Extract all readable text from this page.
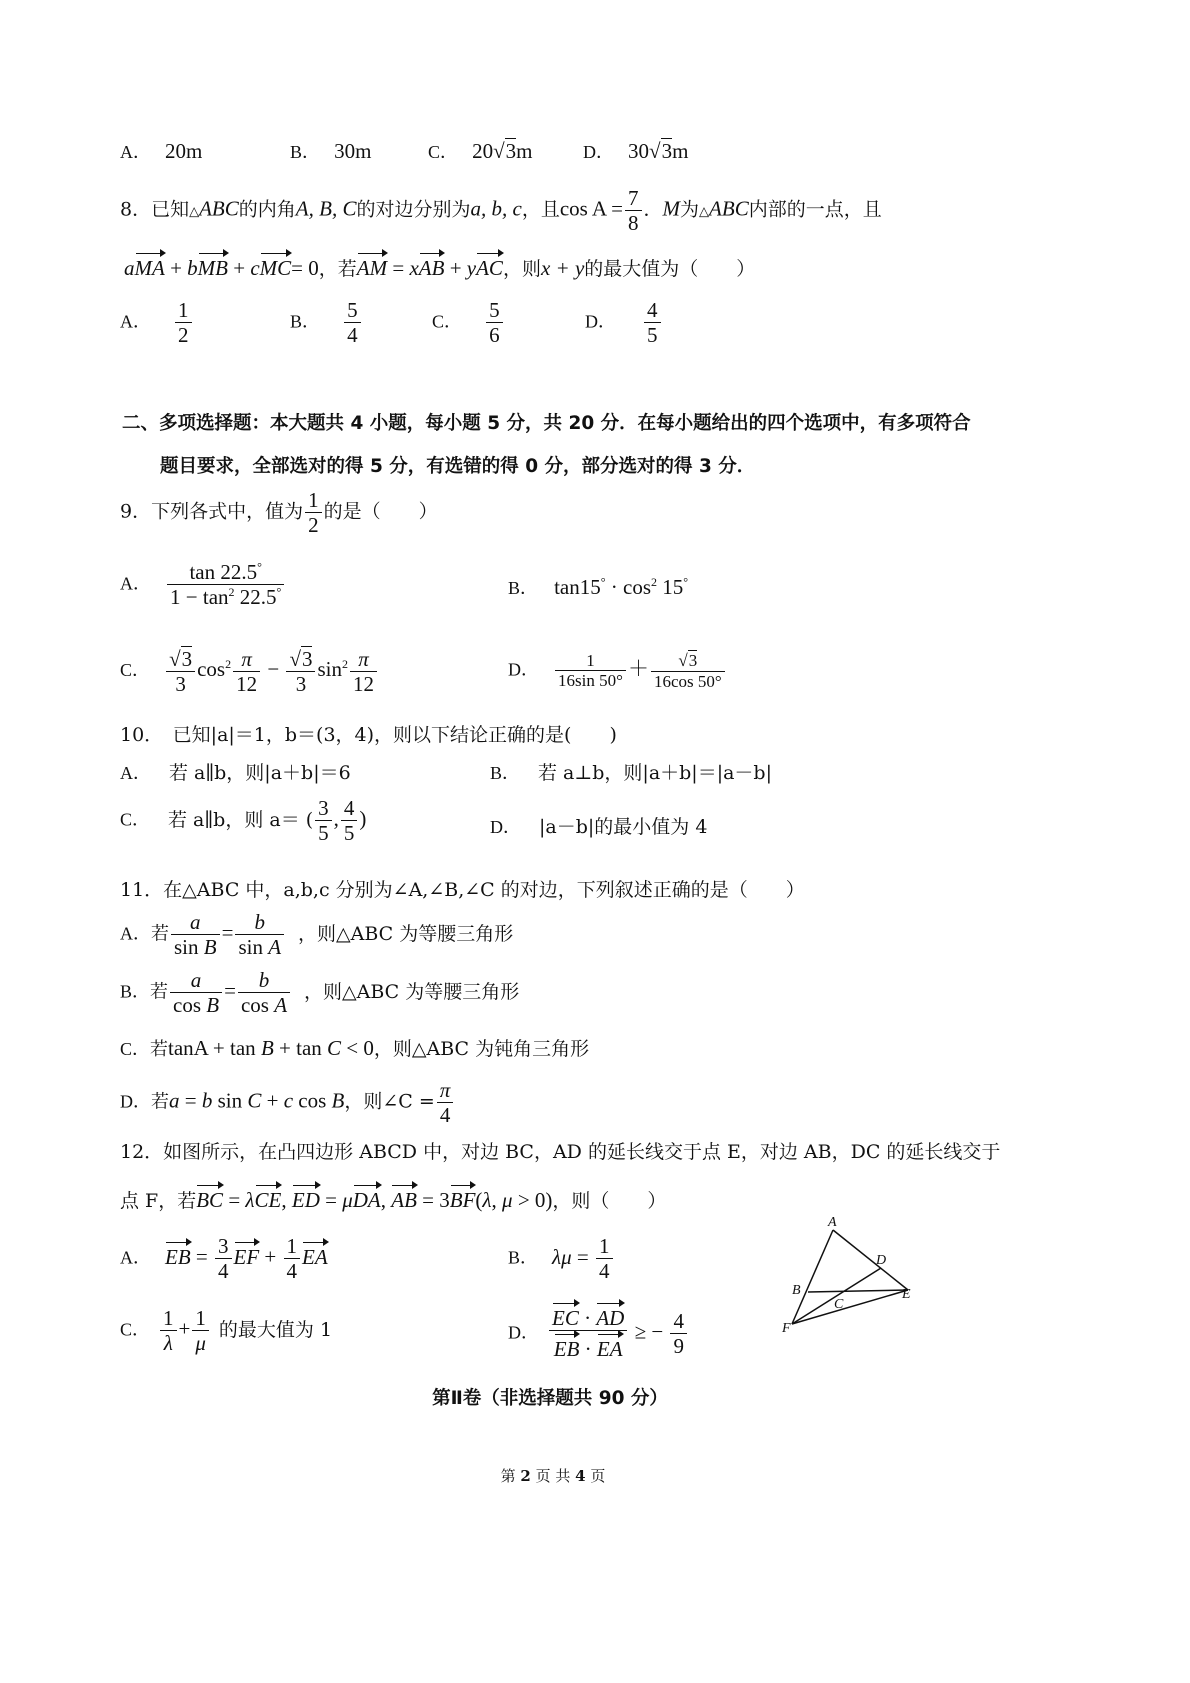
A． 20m	B． 30m	C． 20√3m	D． 30√3m
8．已知△ABC的内角A, B, C的对边分别为a, b, c，且$\cos A = \frac{7}{8}$ ．M为△ABC内部的一点，且
aMA + bMB + cMC= 0，若AM = xAB + yAC，则x + y的最大值为（　　）
A． $\frac{1}{2}$	B． $\frac{5}{4}$	C． $\frac{5}{6}$	D． $\frac{4}{5}$
二、多项选择题：本大题共 4 小题，每小题 5 分，共 20 分．在每小题给出的四个选项中，有多项符合
题目要求，全部选对的得 5 分，有选错的得 0 分，部分选对的得 3 分．
9．下列各式中，值为 $\frac{1}{2}$ 的是（　　）
A． $\frac{\tan 22.5^\circ}{1 - \tan^2 22.5^\circ}$	B． $\tan 15^\circ \cdot \cos^2 15^\circ$
C． $\frac{√3}{3} \cos^2 \frac{\pi}{12} - \frac{√3}{3} \sin^2 \frac{\pi}{12}$	D． $\frac{1}{16\sin 50^\circ} + \frac{√3}{16\cos 50^\circ}$
10．　已知|a|＝1，b＝(3，4)，则以下结论正确的是(　　)
A． 若 a∥b，则|a＋b|＝6	B． 若 a⊥b，则|a＋b|＝|a－b|
C． 若 a∥b，则 a＝ ( $\frac{3}{5}$ , $\frac{4}{5}$ )	D． |a－b|的最小值为 4
11．在△ABC 中，a,b,c 分别为∠A,∠B,∠C 的对边，下列叙述正确的是（　　）
A．若 $\frac{a}{\text{sin B}} = \frac{b}{\text{sin A}}$ ，则△ABC 为等腰三角形
B．若 $\frac{a}{\text{cos B}} = \frac{b}{\text{cos A}}$ ，则△ABC 为等腰三角形
C．若tanA + tan B + tan C < 0，则△ABC 为钝角三角形
D．若a = b sin C + c cos B，则∠C = $\frac{\pi}{4}$
12．如图所示，在凸四边形 ABCD 中，对边 BC，AD 的延长线交于点 E，对边 AB，DC 的延长线交于
点 F，若BC = λCE, ED = μDA, AB = 3BF(λ, μ > 0)，则（　　）
A． EB = $\frac{3}{4}$ EF + $\frac{1}{4}$ EA	B． $\lambda\mu = \frac{1}{4}$
C． $\frac{1}{\lambda} + \frac{1}{\mu}$ 的最大值为 1	D． $\frac{EC \cdot AD}{EB \cdot EA}$ ≥ − $\frac{4}{9}$
A
D
B
C
E
F
第Ⅱ卷（非选择题共 90 分）
第 2 页 共 4 页
